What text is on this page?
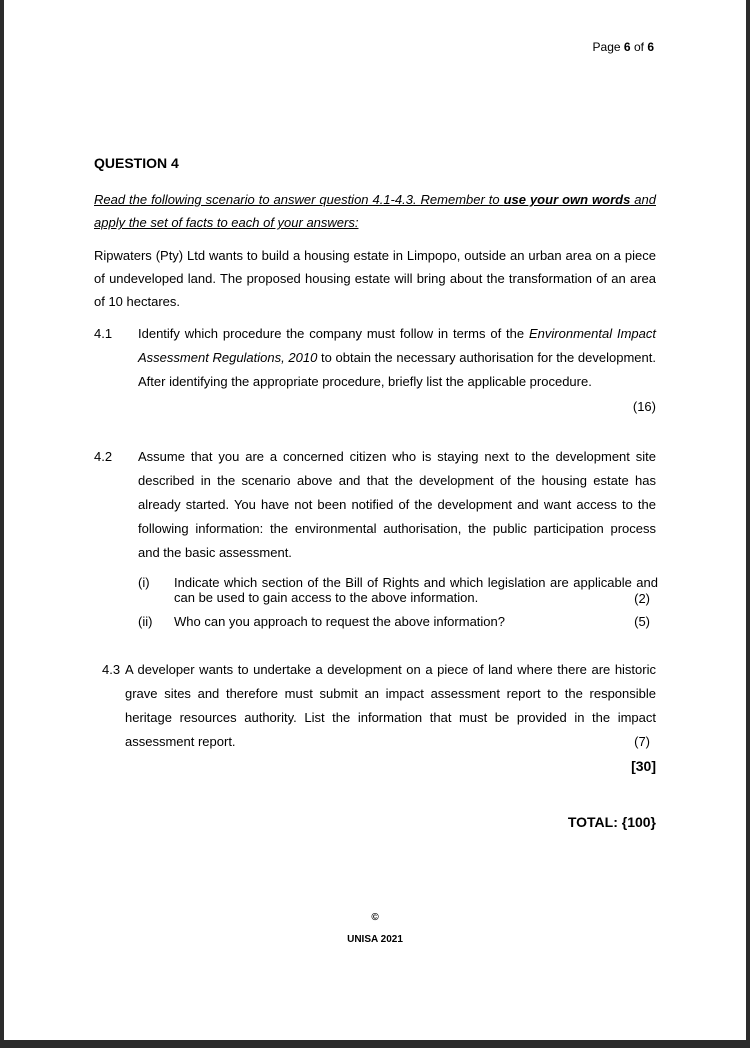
Page 6 of 6
QUESTION 4
Read the following scenario to answer question 4.1-4.3. Remember to use your own words and apply the set of facts to each of your answers:
Ripwaters (Pty) Ltd wants to build a housing estate in Limpopo, outside an urban area on a piece of undeveloped land. The proposed housing estate will bring about the transformation of an area of 10 hectares.
4.1 Identify which procedure the company must follow in terms of the Environmental Impact Assessment Regulations, 2010 to obtain the necessary authorisation for the development. After identifying the appropriate procedure, briefly list the applicable procedure.
(16)
4.2 Assume that you are a concerned citizen who is staying next to the development site described in the scenario above and that the development of the housing estate has already started. You have not been notified of the development and want access to the following information: the environmental authorisation, the public participation process and the basic assessment.
(i) Indicate which section of the Bill of Rights and which legislation are applicable and can be used to gain access to the above information.	(2)
(ii) Who can you approach to request the above information?	(5)
4.3 A developer wants to undertake a development on a piece of land where there are historic grave sites and therefore must submit an impact assessment report to the responsible heritage resources authority. List the information that must be provided in the impact assessment report.	(7)
[30]
TOTAL: {100}
©
UNISA 2021
